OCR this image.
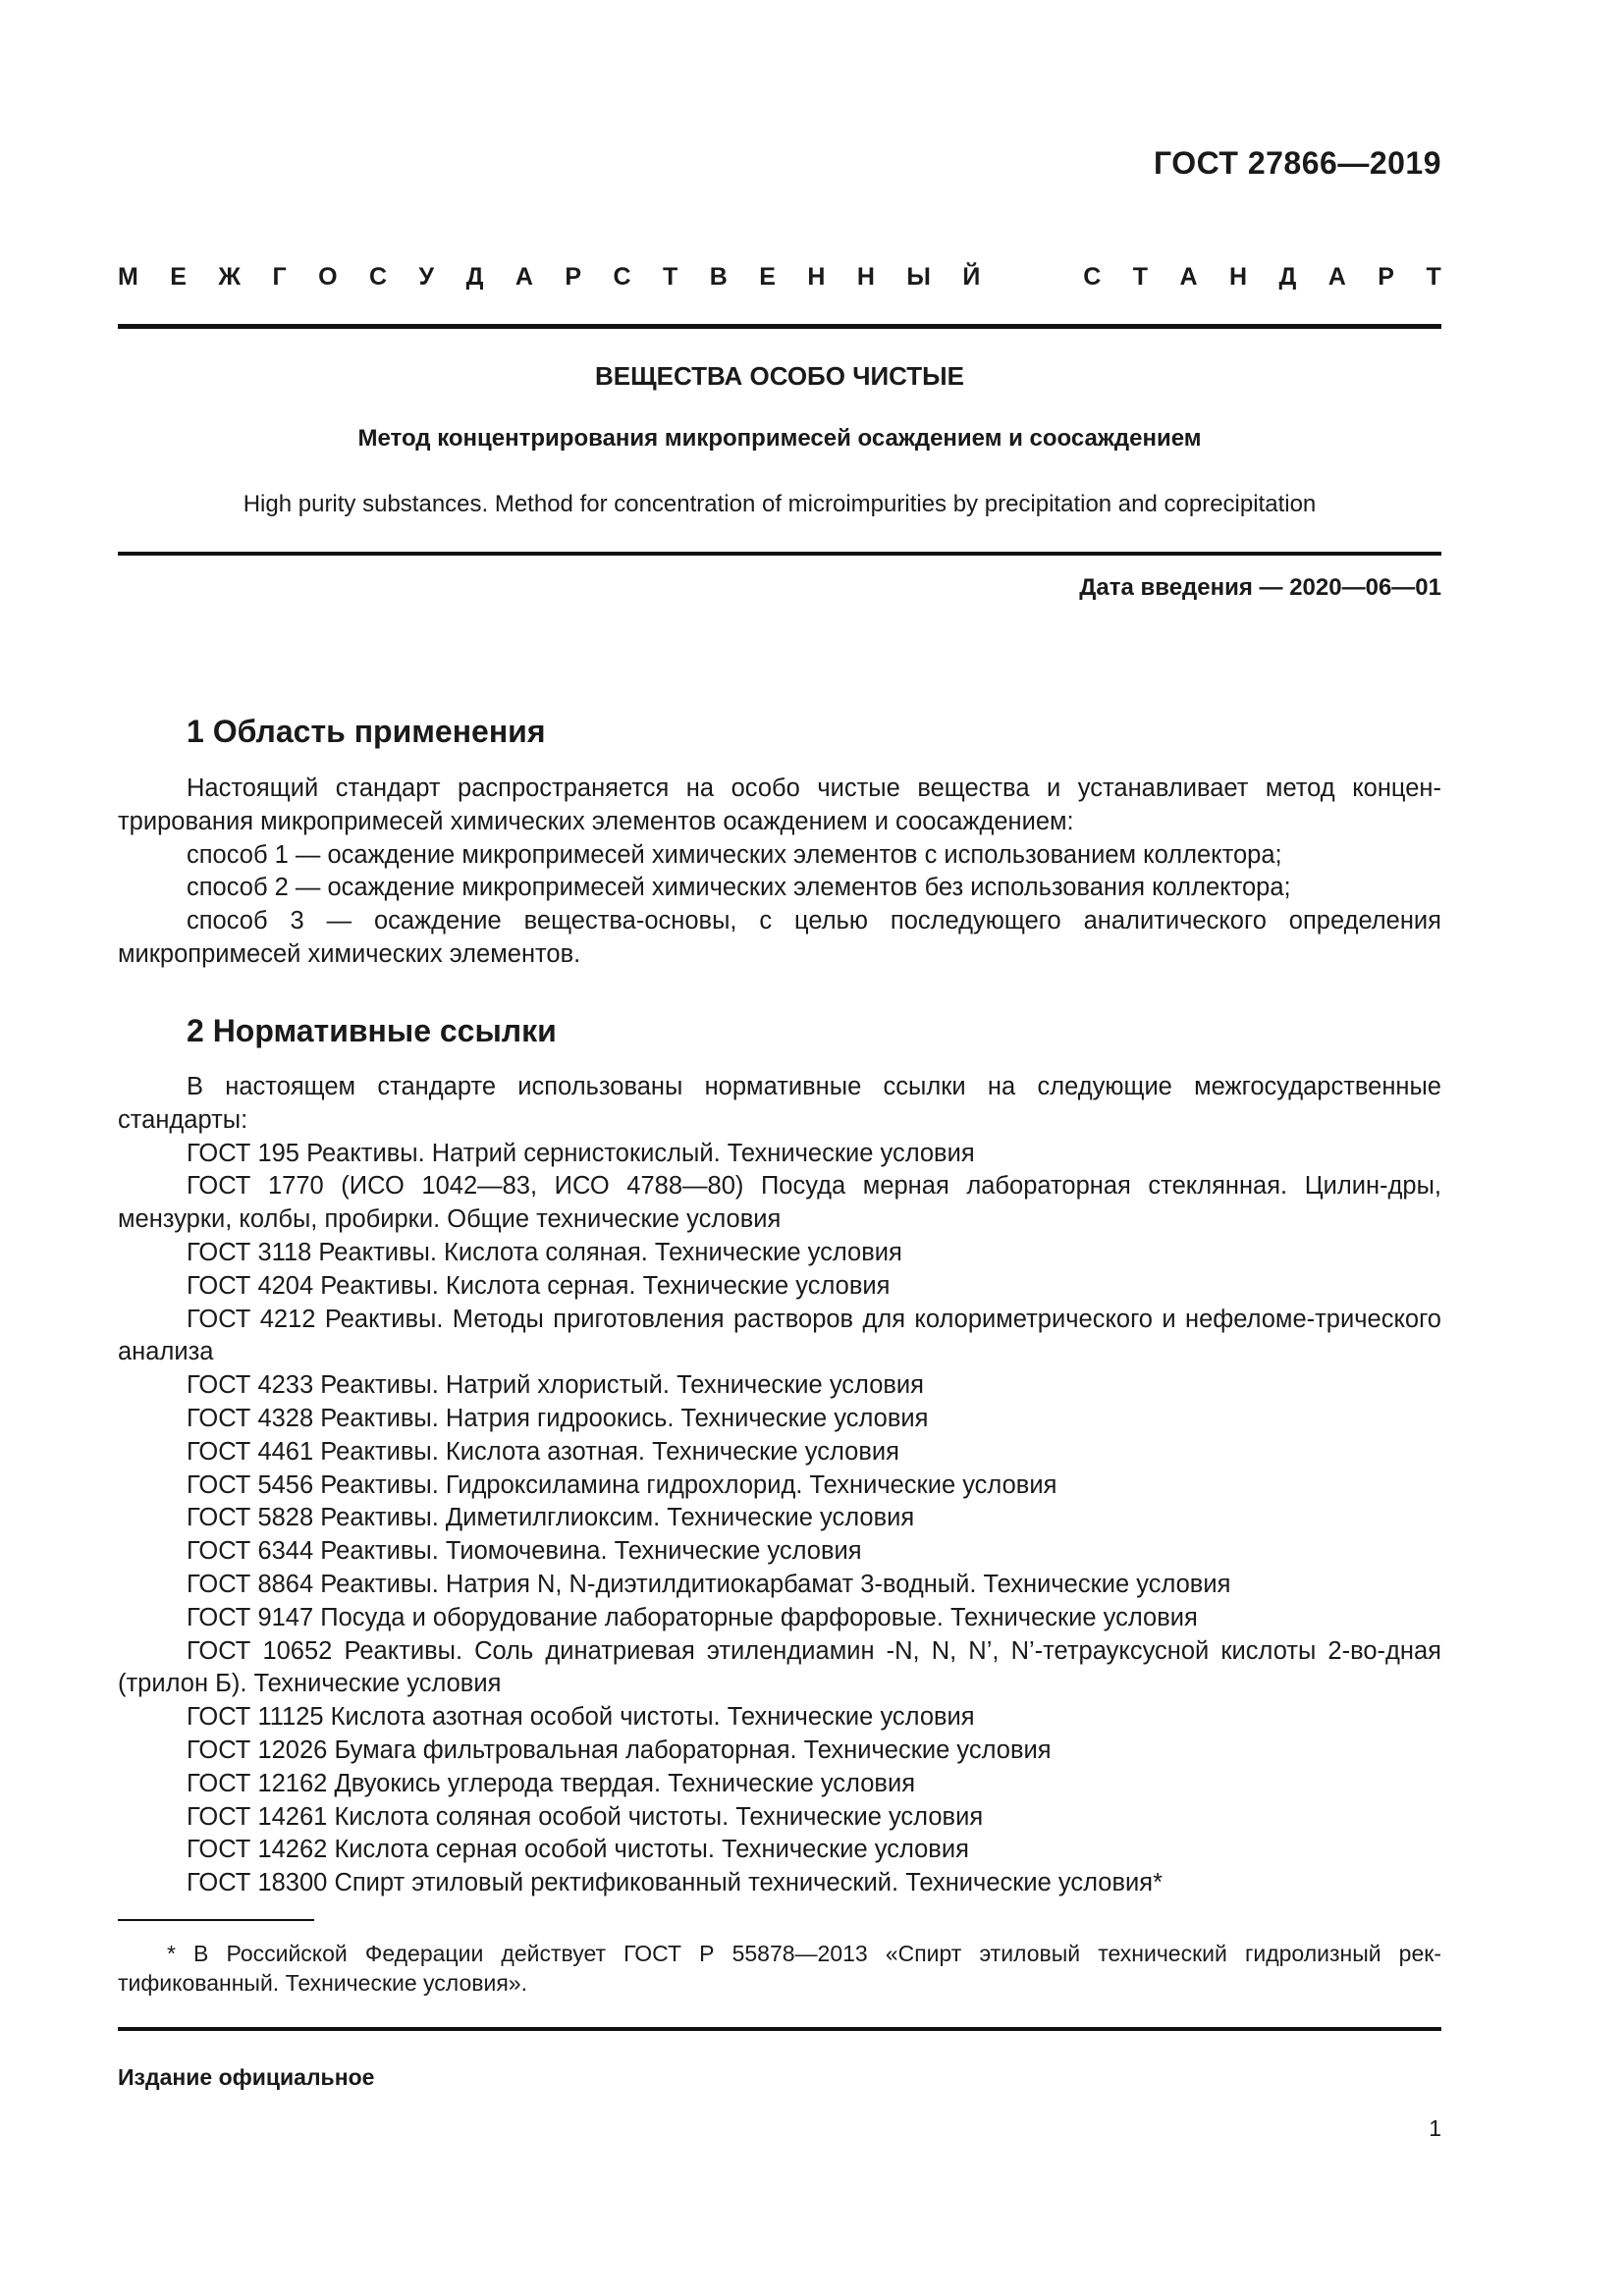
ГОСТ 27866—2019
М Е Ж Г О С У Д А Р С Т В Е Н Н Ы Й	С Т А Н Д А Р Т
ВЕЩЕСТВА ОСОБО ЧИСТЫЕ
Метод концентрирования микропримесей осаждением и соосаждением
High purity substances. Method for concentration of microimpurities by precipitation and coprecipitation
Дата введения — 2020—06—01
1 Область применения

Настоящий стандарт распространяется на особо чистые вещества и устанавливает метод концен-трирования микропримесей химических элементов осаждением и соосаждением:

способ 1 — осаждение микропримесей химических элементов с использованием коллектора;

способ 2 — осаждение микропримесей химических элементов без использования коллектора;

способ 3 — осаждение вещества-основы, с целью последующего аналитического определения микропримесей химических элементов.

2 Нормативные ссылки

В настоящем стандарте использованы нормативные ссылки на следующие межгосударственные стандарты:

ГОСТ 195 Реактивы. Натрий сернистокислый. Технические условия

ГОСТ 1770 (ИСО 1042—83, ИСО 4788—80) Посуда мерная лабораторная стеклянная. Цилин-дры, мензурки, колбы, пробирки. Общие технические условия

ГОСТ 3118 Реактивы. Кислота соляная. Технические условия

ГОСТ 4204 Реактивы. Кислота серная. Технические условия

ГОСТ 4212 Реактивы. Методы приготовления растворов для колориметрического и нефеломе-трического анализа

ГОСТ 4233 Реактивы. Натрий хлористый. Технические условия

ГОСТ 4328 Реактивы. Натрия гидроокись. Технические условия

ГОСТ 4461 Реактивы. Кислота азотная. Технические условия

ГОСТ 5456 Реактивы. Гидроксиламина гидрохлорид. Технические условия

ГОСТ 5828 Реактивы. Диметилглиоксим. Технические условия

ГОСТ 6344 Реактивы. Тиомочевина. Технические условия

ГОСТ 8864 Реактивы. Натрия N, N-диэтилдитиокарбамат 3-водный. Технические условия

ГОСТ 9147 Посуда и оборудование лабораторные фарфоровые. Технические условия

ГОСТ 10652 Реактивы. Соль динатриевая этилендиамин -N, N, N’, N’-тетрауксусной кислоты 2-во-дная (трилон Б). Технические условия

ГОСТ 11125 Кислота азотная особой чистоты. Технические условия

ГОСТ 12026 Бумага фильтровальная лабораторная. Технические условия

ГОСТ 12162 Двуокись углерода твердая. Технические условия

ГОСТ 14261 Кислота соляная особой чистоты. Технические условия

ГОСТ 14262 Кислота серная особой чистоты. Технические условия

ГОСТ 18300 Спирт этиловый ректификованный технический. Технические условия*

* В Российской Федерации действует ГОСТ Р 55878—2013 «Спирт этиловый технический гидролизный рек-тификованный. Технические условия».

Издание официальное
1
